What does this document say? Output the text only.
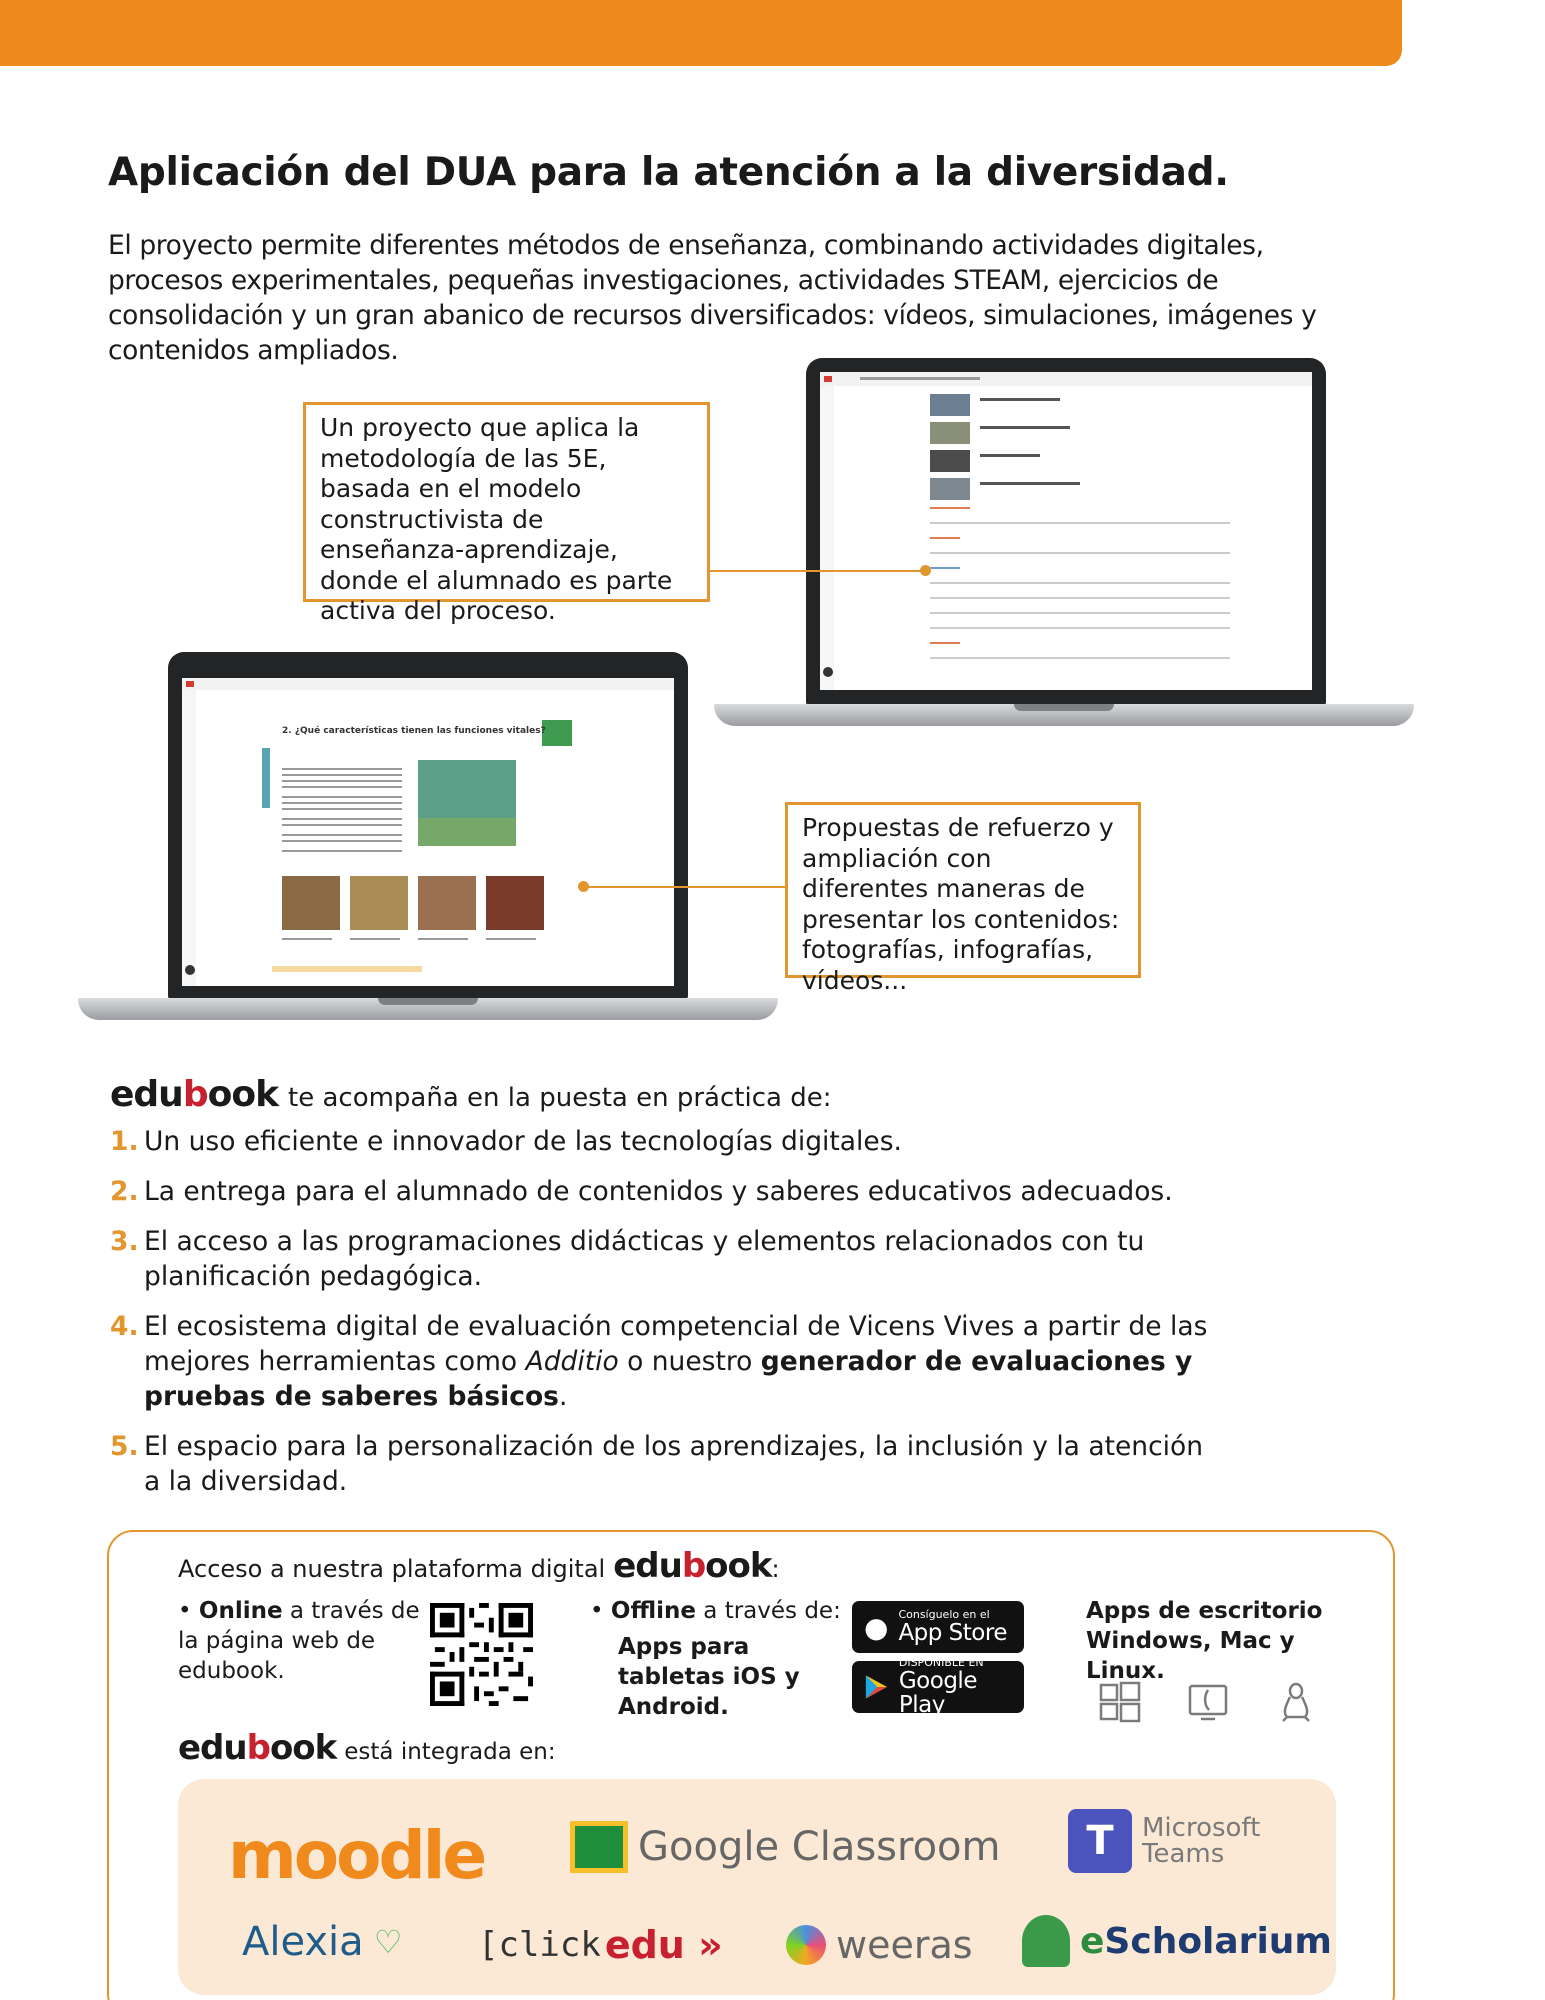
Aplicación del DUA para la atención a la diversidad.

El proyecto permite diferentes métodos de enseñanza, combinando actividades digitales, procesos experimentales, pequeñas investigaciones, actividades STEAM, ejercicios de consolidación y un gran abanico de recursos diversificados: vídeos, simulaciones, imágenes y contenidos ampliados.

2. ¿Qué características tienen las funciones vitales?
Un proyecto que aplica la metodología de las 5E, basada en el modelo constructivista de enseñanza-aprendizaje, donde el alumnado es parte activa del proceso.
Propuestas de refuerzo y ampliación con diferentes maneras de presentar los contenidos: fotografías, infografías, vídeos...
edubook te acompaña en la puesta en práctica de:
1. Un uso eficiente e innovador de las tecnologías digitales.
2. La entrega para el alumnado de contenidos y saberes educativos adecuados.
3. El acceso a las programaciones didácticas y elementos relacionados con tu planificación pedagógica.
4. El ecosistema digital de evaluación competencial de Vicens Vives a partir de las mejores herramientas como Additio o nuestro generador de evaluaciones y pruebas de saberes básicos.
5. El espacio para la personalización de los aprendizajes, la inclusión y la atención a la diversidad.
Acceso a nuestra plataforma digital edubook :
• Online a través de la página web de edubook.
• Offline a través de:
Apps para tabletas iOS y Android.
● Consíguelo en el
App Store
DISPONIBLE EN
Google Play
Apps de escritorio Windows, Mac y Linux.
edubook está integrada en:
moodle	Google Classroom	T	Microsoft
Teams
Alexia ♡ [click edu »	weeras	eScholarium
